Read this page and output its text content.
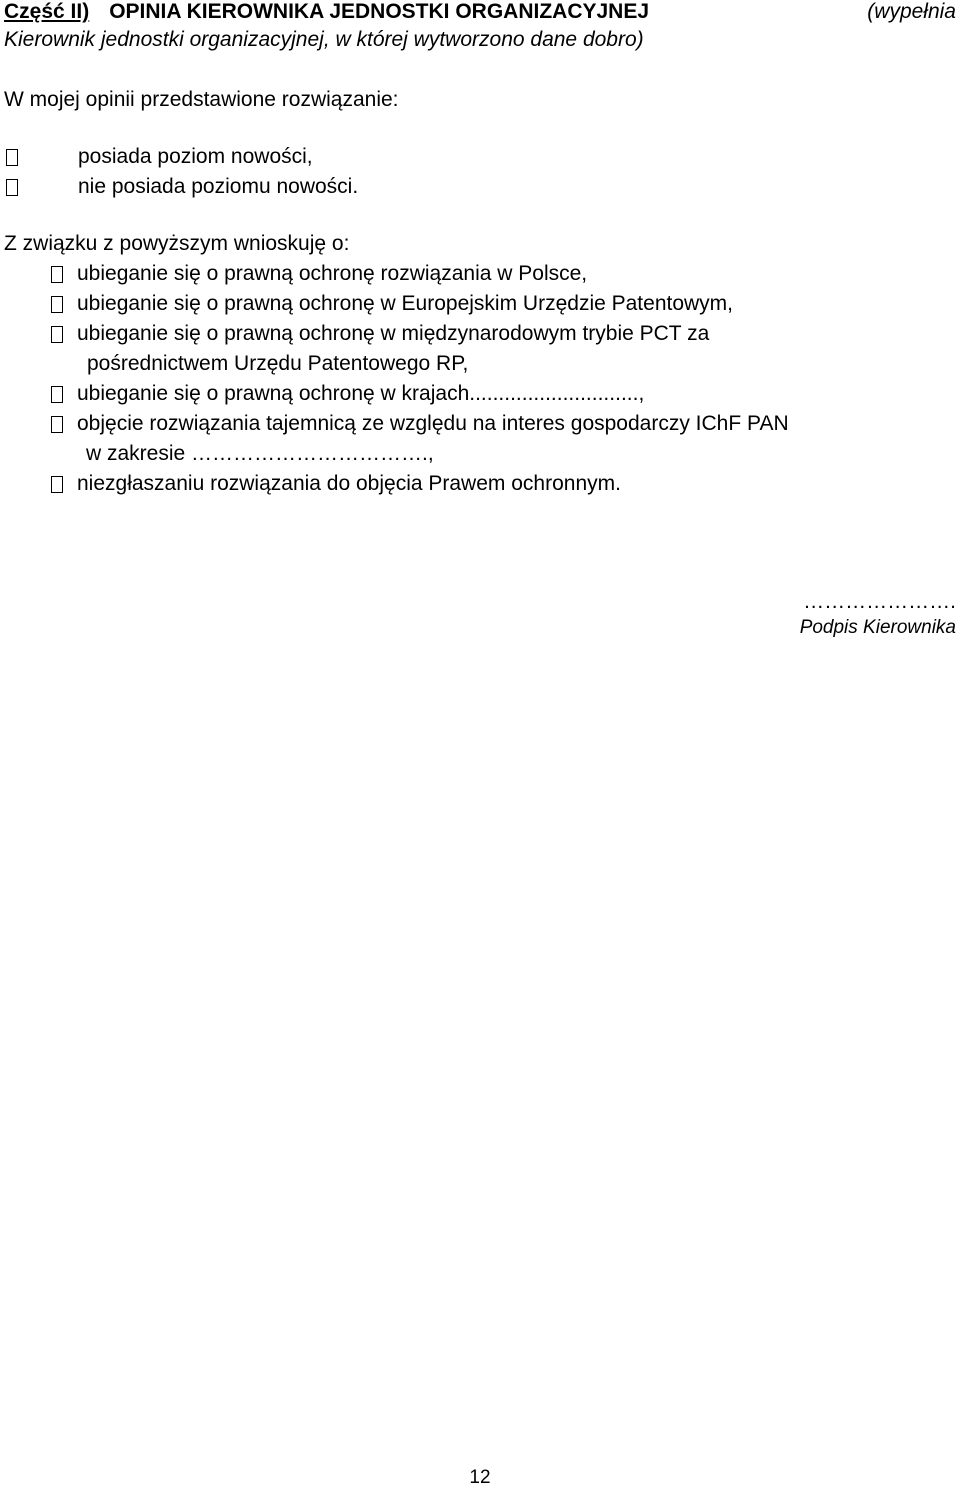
Część II) OPINIA KIEROWNIKA JEDNOSTKI ORGANIZACYJNEJ	(wypełnia
Kierownik jednostki organizacyjnej, w której wytworzono dane dobro)
W mojej opinii przedstawione rozwiązanie:
posiada poziom nowości,
nie posiada poziomu nowości.
Z związku z powyższym wnioskuję o:
ubieganie się o prawną ochronę rozwiązania w Polsce,
ubieganie się o prawną ochronę w Europejskim Urzędzie Patentowym,
ubieganie się o prawną ochronę w międzynarodowym trybie PCT za
pośrednictwem Urzędu Patentowego RP,
ubieganie się o prawną ochronę w krajach.............................,
objęcie rozwiązania tajemnicą ze względu na interes gospodarczy IChF PAN
w zakresie …………………………….,
niezgłaszaniu rozwiązania do objęcia Prawem ochronnym.
………………….
Podpis Kierownika
12
